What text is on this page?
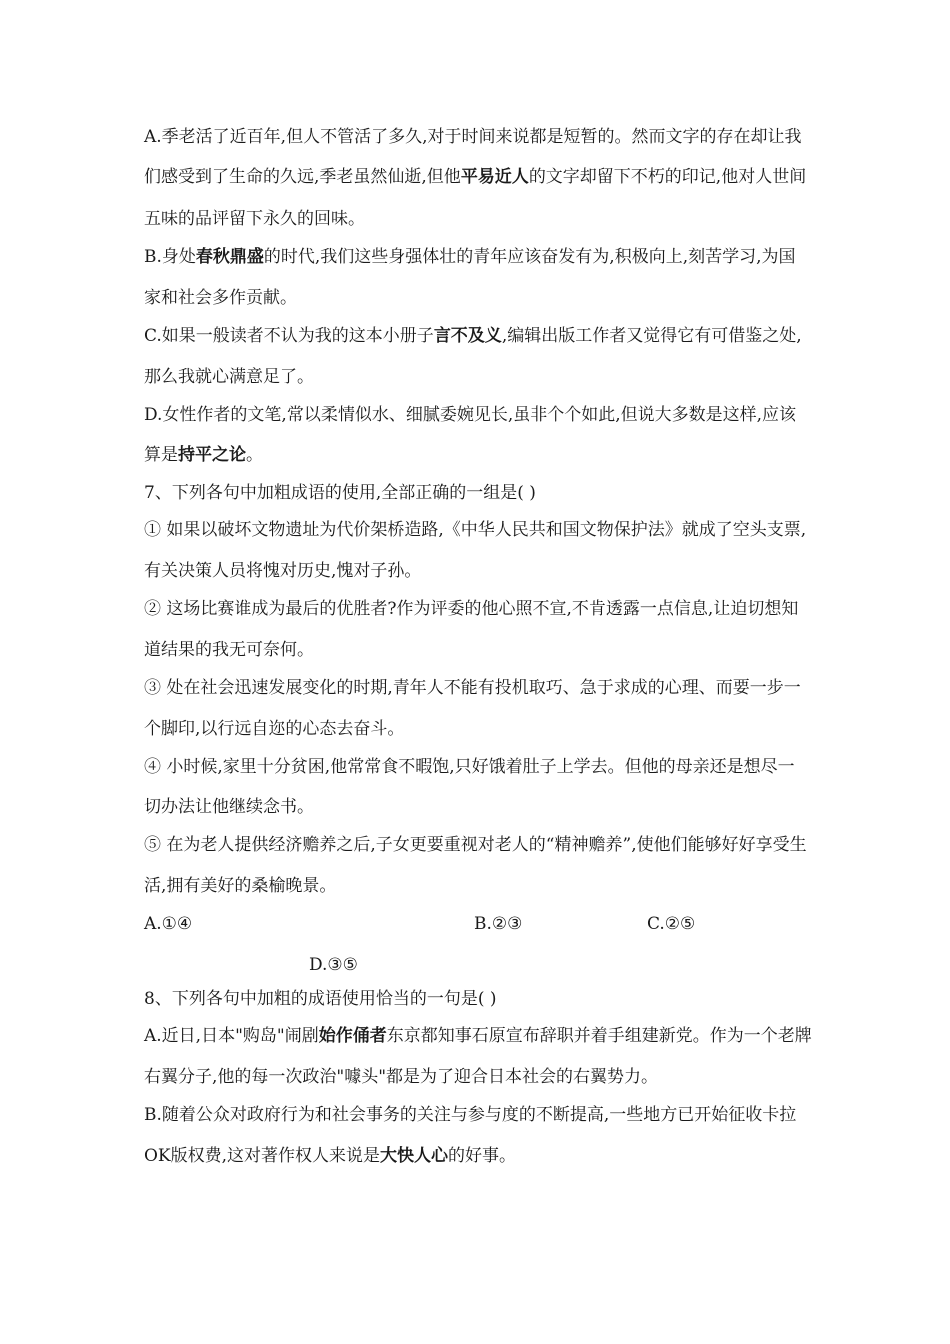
A.季老活了近百年,但人不管活了多久,对于时间来说都是短暂的。然而文字的存在却让我
们感受到了生命的久远,季老虽然仙逝,但他平易近人的文字却留下不朽的印记,他对人世间
五味的品评留下永久的回味。
B.身处春秋鼎盛的时代,我们这些身强体壮的青年应该奋发有为,积极向上,刻苦学习,为国
家和社会多作贡献。
C.如果一般读者不认为我的这本小册子言不及义,编辑出版工作者又觉得它有可借鉴之处,
那么我就心满意足了。
D.女性作者的文笔,常以柔情似水、细腻委婉见长,虽非个个如此,但说大多数是这样,应该
算是持平之论。
7、下列各句中加粗成语的使用,全部正确的一组是( )
① 如果以破坏文物遗址为代价架桥造路,《中华人民共和国文物保护法》就成了空头支票,
有关决策人员将愧对历史,愧对子孙。
② 这场比赛谁成为最后的优胜者?作为评委的他心照不宣,不肯透露一点信息,让迫切想知
道结果的我无可奈何。
③ 处在社会迅速发展变化的时期,青年人不能有投机取巧、急于求成的心理、而要一步一
个脚印,以行远自迩的心态去奋斗。
④ 小时候,家里十分贫困,他常常食不暇饱,只好饿着肚子上学去。但他的母亲还是想尽一
切办法让他继续念书。
⑤ 在为老人提供经济赡养之后,子女更要重视对老人的“精神赡养”,使他们能够好好享受生
活,拥有美好的桑榆晚景。
A.①④	B.②③	C.②⑤
D.③⑤
8、下列各句中加粗的成语使用恰当的一句是( )
A.近日,日本"购岛"闹剧始作俑者东京都知事石原宣布辞职并着手组建新党。作为一个老牌
右翼分子,他的每一次政治"噱头"都是为了迎合日本社会的右翼势力。
B.随着公众对政府行为和社会事务的关注与参与度的不断提高,一些地方已开始征收卡拉
OK版权费,这对著作权人来说是大快人心的好事。
